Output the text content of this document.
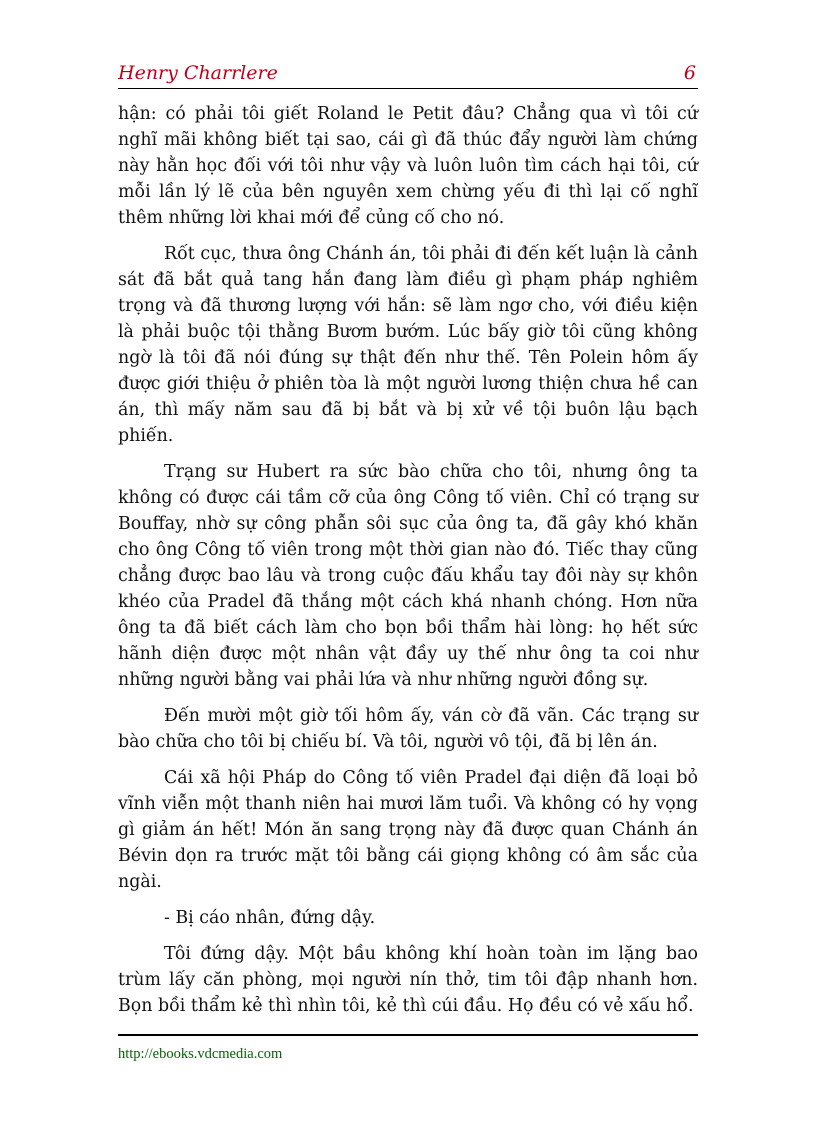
Henry Charrlere	6

hận: có phải tôi giết Roland le Petit đâu? Chẳng qua vì tôi cứ nghĩ mãi không biết tại sao, cái gì đã thúc đẩy người làm chứng này hằn học đối với tôi như vậy và luôn luôn tìm cách hại tôi, cứ mỗi lần lý lẽ của bên nguyên xem chừng yếu đi thì lại cố nghĩ thêm những lời khai mới để củng cố cho nó.

Rốt cục, thưa ông Chánh án, tôi phải đi đến kết luận là cảnh sát đã bắt quả tang hắn đang làm điều gì phạm pháp nghiêm trọng và đã thương lượng với hắn: sẽ làm ngơ cho, với điều kiện là phải buộc tội thằng Bươm bướm. Lúc bấy giờ tôi cũng không ngờ là tôi đã nói đúng sự thật đến như thế. Tên Polein hôm ấy được giới thiệu ở phiên tòa là một người lương thiện chưa hề can án, thì mấy năm sau đã bị bắt và bị xử về tội buôn lậu bạch phiến.

Trạng sư Hubert ra sức bào chữa cho tôi, nhưng ông ta không có được cái tầm cỡ của ông Công tố viên. Chỉ có trạng sư Bouffay, nhờ sự công phẫn sôi sục của ông ta, đã gây khó khăn cho ông Công tố viên trong một thời gian nào đó. Tiếc thay cũng chẳng được bao lâu và trong cuộc đấu khẩu tay đôi này sự khôn khéo của Pradel đã thắng một cách khá nhanh chóng. Hơn nữa ông ta đã biết cách làm cho bọn bồi thẩm hài lòng: họ hết sức hãnh diện được một nhân vật đầy uy thế như ông ta coi như những người bằng vai phải lứa và như những người đồng sự.

Đến mười một giờ tối hôm ấy, ván cờ đã vãn. Các trạng sư bào chữa cho tôi bị chiếu bí. Và tôi, người vô tội, đã bị lên án.

Cái xã hội Pháp do Công tố viên Pradel đại diện đã loại bỏ vĩnh viễn một thanh niên hai mươi lăm tuổi. Và không có hy vọng gì giảm án hết! Món ăn sang trọng này đã được quan Chánh án Bévin dọn ra trước mặt tôi bằng cái giọng không có âm sắc của ngài.

- Bị cáo nhân, đứng dậy.

Tôi đứng dậy. Một bầu không khí hoàn toàn im lặng bao trùm lấy căn phòng, mọi người nín thở, tim tôi đập nhanh hơn. Bọn bồi thẩm kẻ thì nhìn tôi, kẻ thì cúi đầu. Họ đều có vẻ xấu hổ.

http://ebooks.vdcmedia.com
